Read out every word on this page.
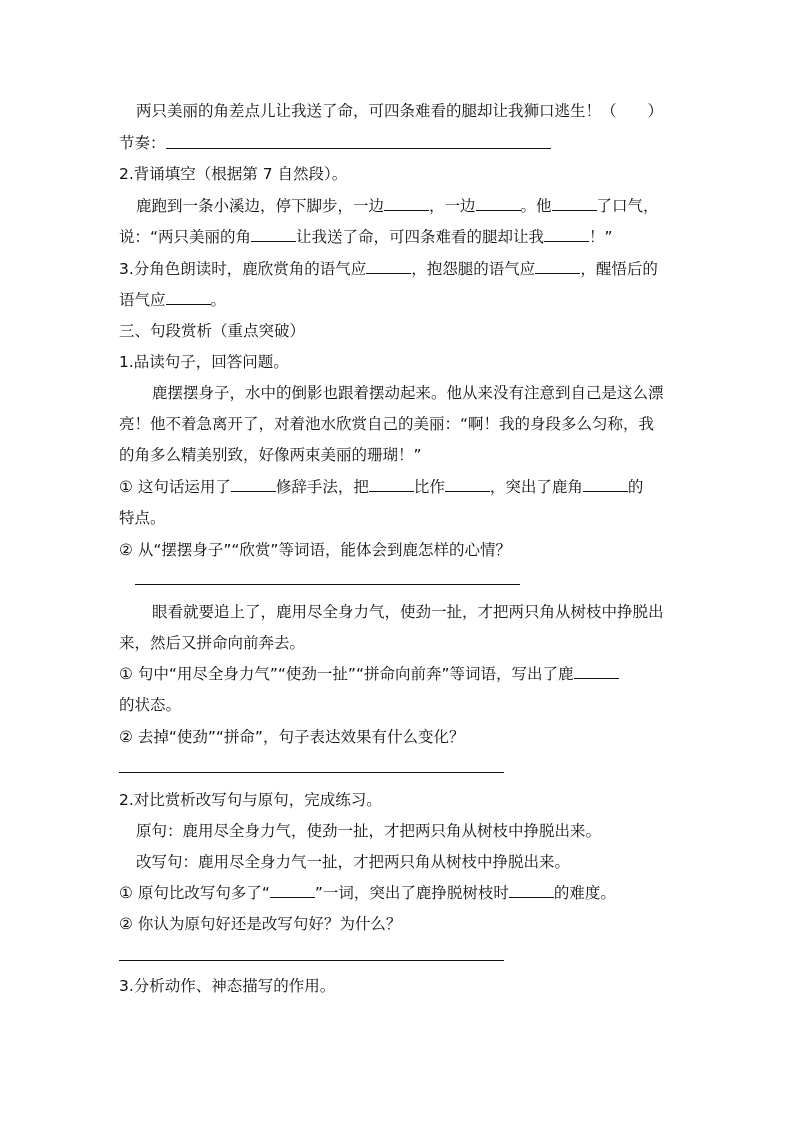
两只美丽的角差点儿让我送了命，可四条难看的腿却让我狮口逃生！（　　）
节奏：
2.背诵填空（根据第 7 自然段）。
鹿跑到一条小溪边，停下脚步，一边	，一边	。他	了口气，
说：“两只美丽的角	让我送了命，可四条难看的腿却让我	！”
3.分角色朗读时，鹿欣赏角的语气应	，抱怨腿的语气应	，醒悟后的
语气应	。
三、句段赏析（重点突破）
1.品读句子，回答问题。
鹿摆摆身子，水中的倒影也跟着摆动起来。他从来没有注意到自己是这么漂
亮！他不着急离开了，对着池水欣赏自己的美丽：“啊！我的身段多么匀称，我
的角多么精美别致，好像两束美丽的珊瑚！”
① 这句话运用了	修辞手法，把	比作	，突出了鹿角	的
特点。
② 从“摆摆身子”“欣赏”等词语，能体会到鹿怎样的心情？
眼看就要追上了，鹿用尽全身力气，使劲一扯，才把两只角从树枝中挣脱出
来，然后又拼命向前奔去。
① 句中“用尽全身力气”“使劲一扯”“拼命向前奔”等词语，写出了鹿
的状态。
② 去掉“使劲”“拼命”，句子表达效果有什么变化？
2.对比赏析改写句与原句，完成练习。
原句：鹿用尽全身力气，使劲一扯，才把两只角从树枝中挣脱出来。
改写句：鹿用尽全身力气一扯，才把两只角从树枝中挣脱出来。
① 原句比改写句多了“	”一词，突出了鹿挣脱树枝时	的难度。
② 你认为原句好还是改写句好？为什么？
3.分析动作、神态描写的作用。
